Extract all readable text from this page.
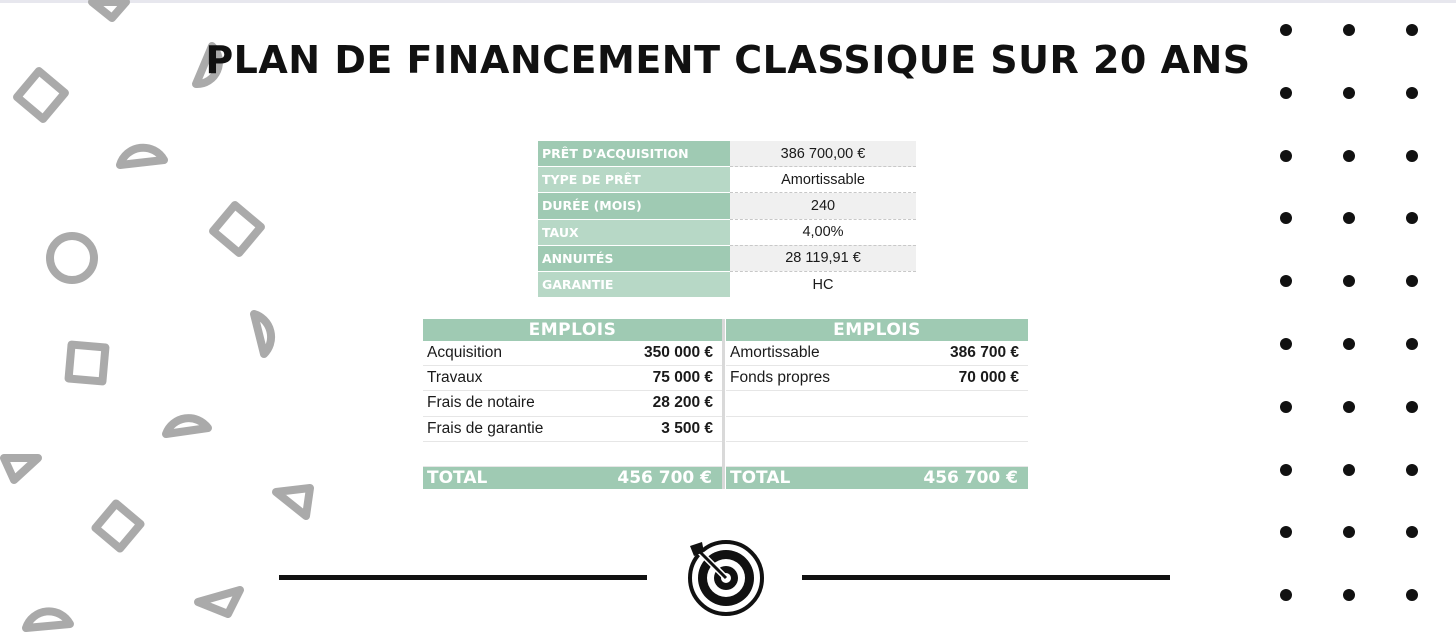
PLAN DE FINANCEMENT CLASSIQUE SUR 20 ANS
PRÊT D'ACQUISITION	386 700,00 €
TYPE DE PRÊT	Amortissable
DURÉE (MOIS)	240
TAUX	4,00%
ANNUITÉS	28 119,91 €
GARANTIE	HC
EMPLOIS	
Acquisition	350 000 €
Travaux	75 000 €
Frais de notaire	28 200 €
Frais de garantie	3 500 €

TOTAL	456 700 €
EMPLOIS	
Amortissable	386 700 €
Fonds propres	70 000 €

TOTAL	456 700 €
